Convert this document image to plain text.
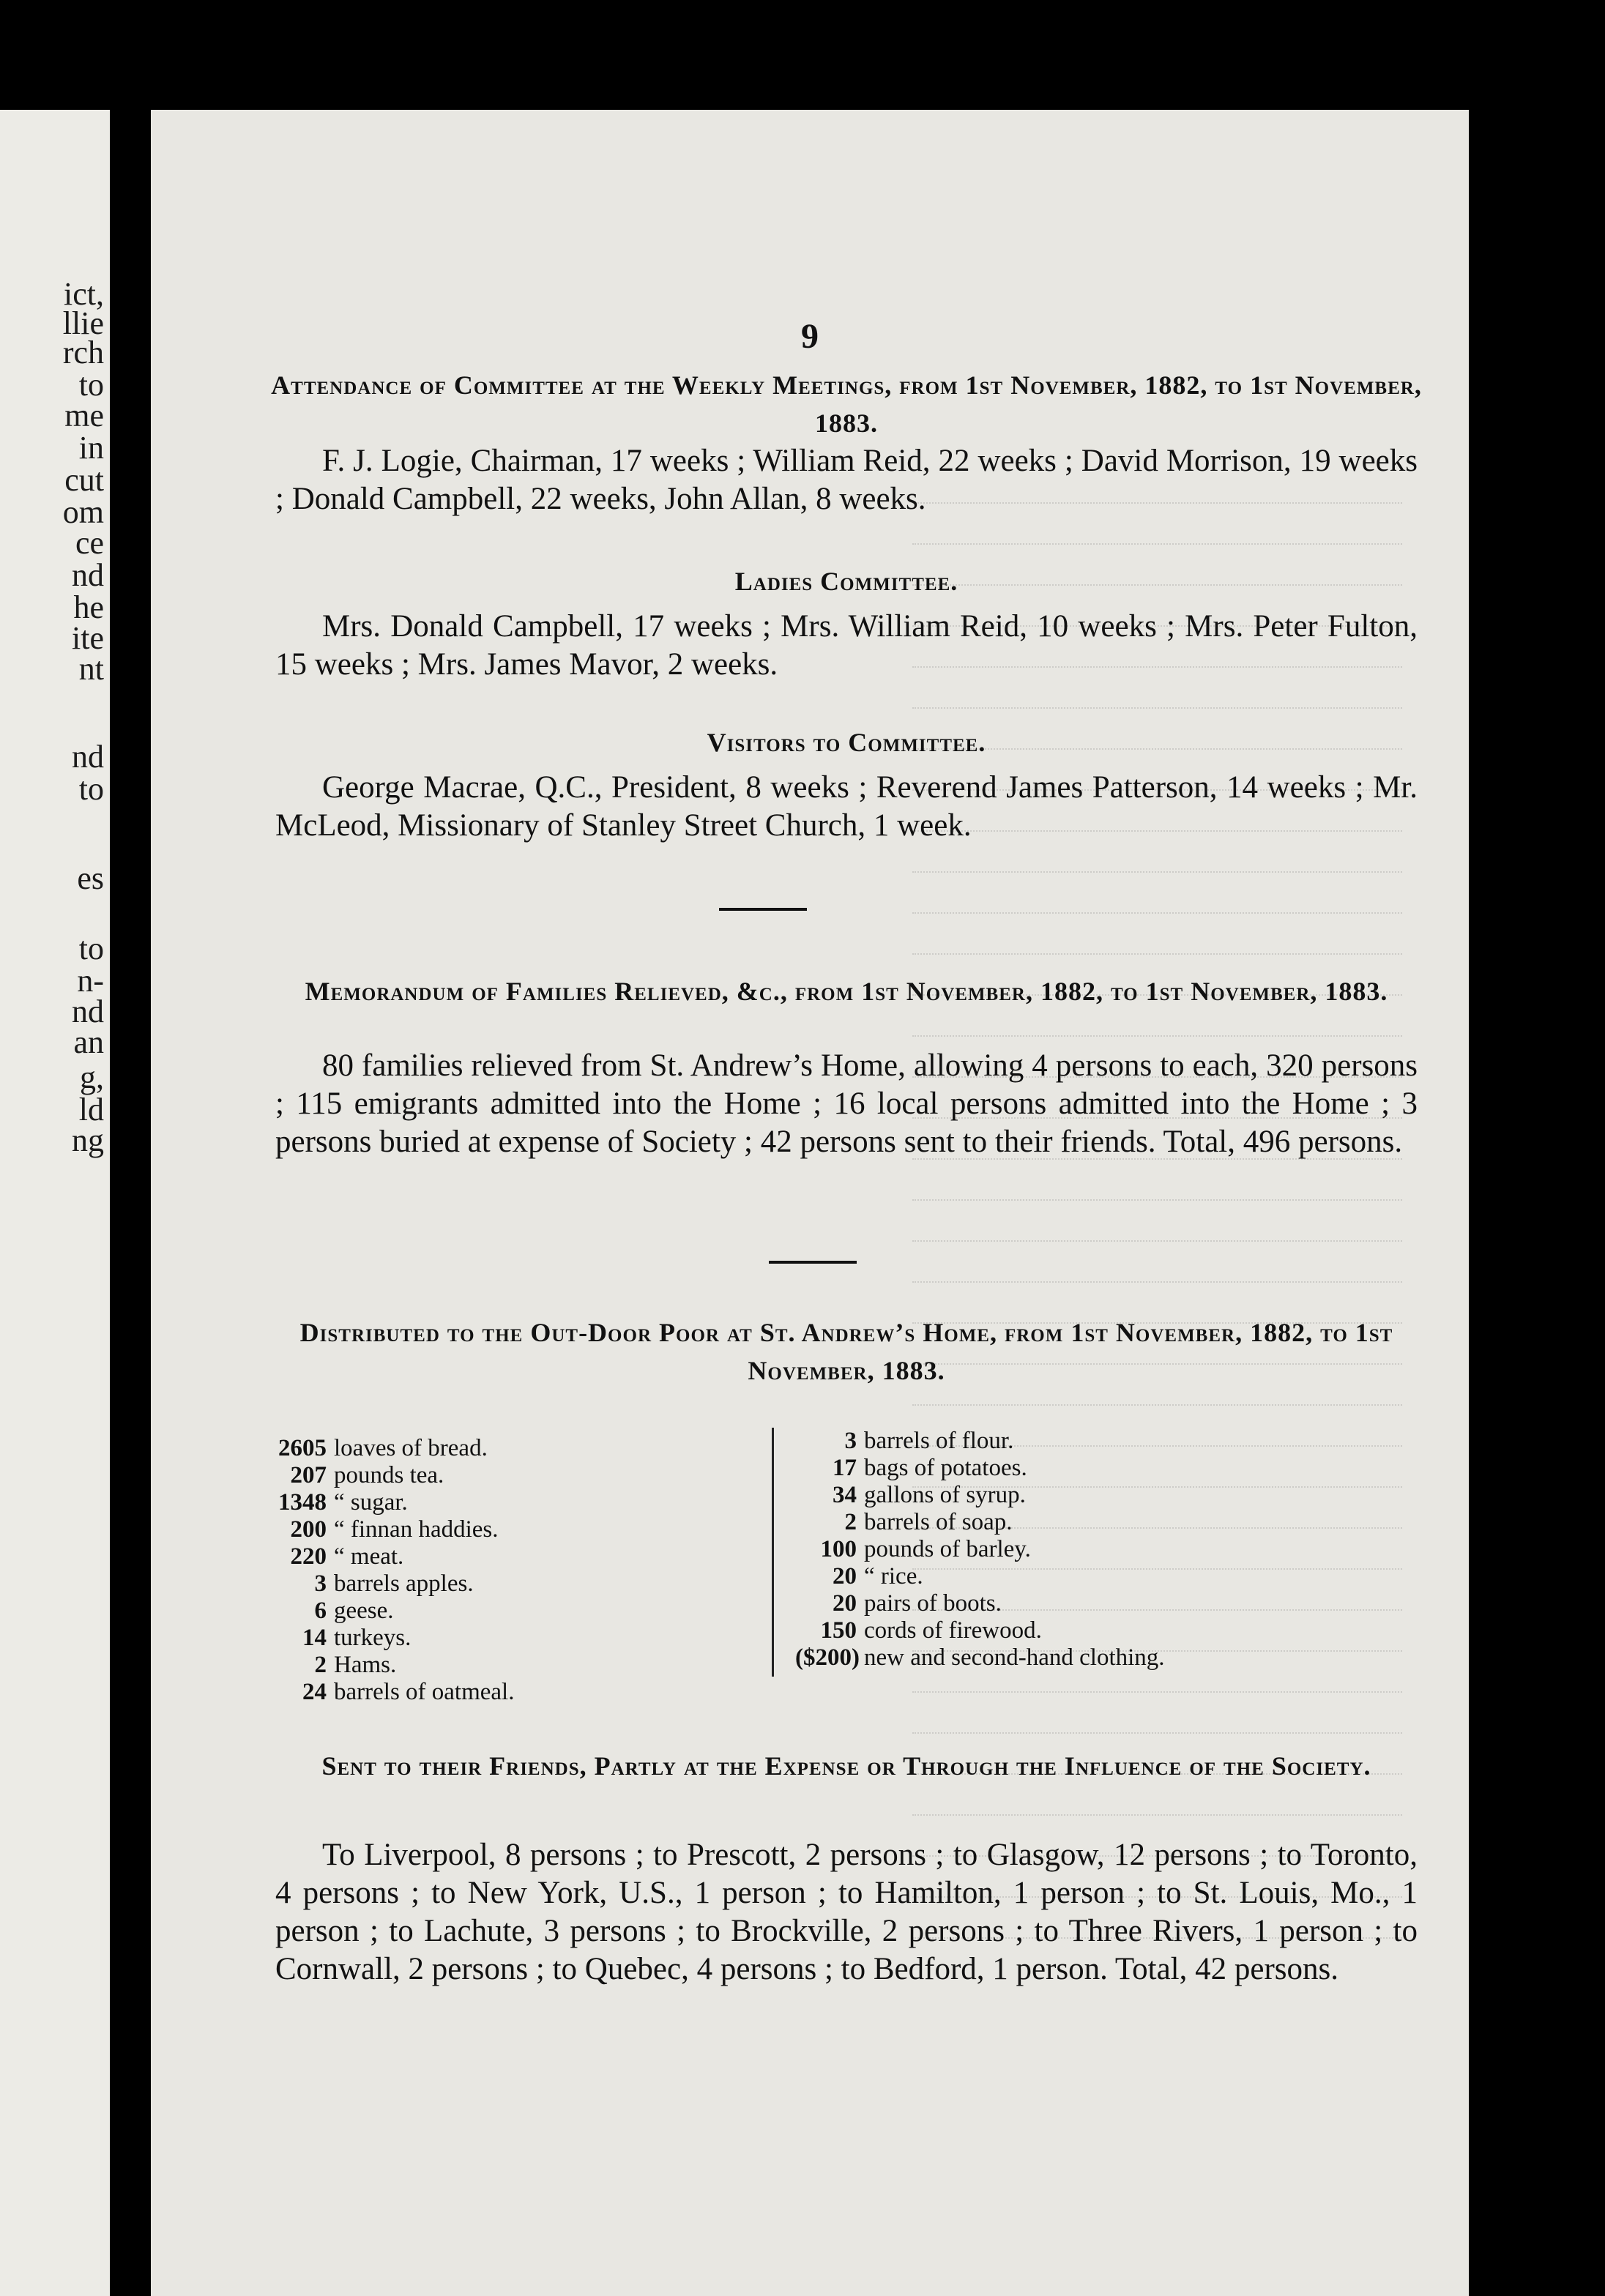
ict,
llie
rch
to
me
in
cut
om
ce
nd
he
ite
nt
nd
to
es
to
n-
nd
an
g,
ld
ng
9
Attendance of Committee at the Weekly Meetings, from 1st November, 1882, to 1st November, 1883.
F. J. Logie, Chairman, 17 weeks ; William Reid, 22 weeks ; David Morrison, 19 weeks ; Donald Campbell, 22 weeks, John Allan, 8 weeks.
Ladies Committee.
Mrs. Donald Campbell, 17 weeks ; Mrs. William Reid, 10 weeks ; Mrs. Peter Fulton, 15 weeks ; Mrs. James Mavor, 2 weeks.
Visitors to Committee.
George Macrae, Q.C., President, 8 weeks ; Reverend James Patterson, 14 weeks ; Mr. McLeod, Missionary of Stanley Street Church, 1 week.
Memorandum of Families Relieved, &c., from 1st November, 1882, to 1st November, 1883.
80 families relieved from St. Andrew’s Home, allowing 4 persons to each, 320 persons ; 115 emigrants admitted into the Home ; 16 local persons admitted into the Home ; 3 persons buried at expense of Society ; 42 persons sent to their friends. Total, 496 persons.
Distributed to the Out-Door Poor at St. Andrew’s Home, from 1st November, 1882, to 1st November, 1883.
2605 loaves of bread.
207 pounds tea.
1348 “ sugar.
200 “ finnan haddies.
220 “ meat.
3 barrels apples.
6 geese.
14 turkeys.
2 Hams.
24 barrels of oatmeal.
3 barrels of flour.
17 bags of potatoes.
34 gallons of syrup.
2 barrels of soap.
100 pounds of barley.
20 “ rice.
20 pairs of boots.
150 cords of firewood.
($200) new and second-hand clothing.
Sent to their Friends, Partly at the Expense or Through the Influence of the Society.
To Liverpool, 8 persons ; to Prescott, 2 persons ; to Glasgow, 12 persons ; to Toronto, 4 persons ; to New York, U.S., 1 person ; to Hamilton, 1 person ; to St. Louis, Mo., 1 person ; to Lachute, 3 persons ; to Brockville, 2 persons ; to Three Rivers, 1 person ; to Cornwall, 2 persons ; to Quebec, 4 persons ; to Bedford, 1 person. Total, 42 persons.
